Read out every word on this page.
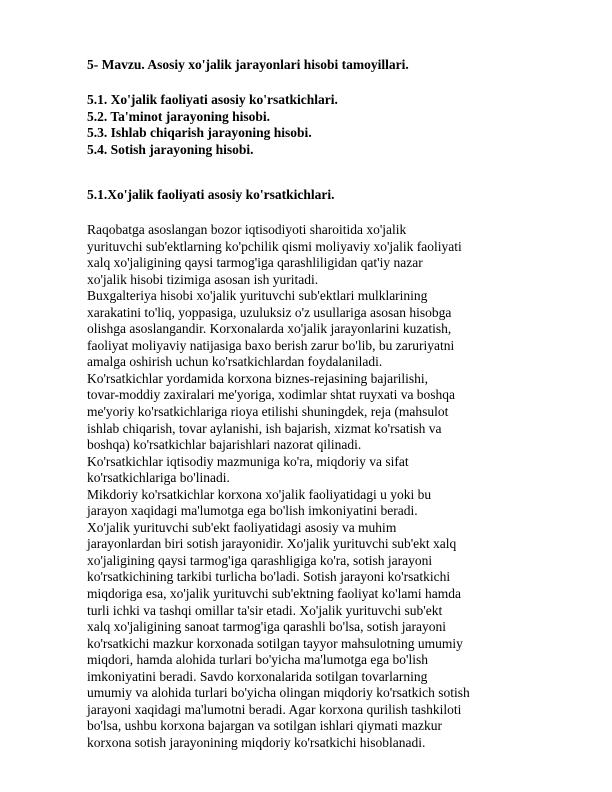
5- Mavzu. Asosiy xo'jalik jarayonlari hisobi tamoyillari.
5.1. Xo'jalik faoliyati asosiy ko'rsatkichlari.
5.2. Ta'minot jarayoning hisobi.
5.3. Ishlab chiqarish jarayoning hisobi.
5.4. Sotish jarayoning hisobi.
5.1.Xo'jalik faoliyati asosiy ko'rsatkichlari.
Raqobatga asoslangan bozor iqtisodiyoti sharoitida xo'jalik
yurituvchi sub'ektlarning ko'pchilik qismi moliyaviy xo'jalik faoliyati
xalq xo'jaligining qaysi tarmog'iga qarashliligidan qat'iy nazar
xo'jalik hisobi tizimiga asosan ish yuritadi.
Buxgalteriya hisobi xo'jalik yurituvchi sub'ektlari mulklarining
xarakatini to'liq, yoppasiga, uzuluksiz o'z usullariga asosan hisobga
olishga asoslangandir. Korxonalarda xo'jalik jarayonlarini kuzatish,
faoliyat moliyaviy natijasiga baxo berish zarur bo'lib, bu zaruriyatni
amalga oshirish uchun ko'rsatkichlardan foydalaniladi.
Ko'rsatkichlar yordamida korxona biznes-rejasining bajarilishi,
tovar-moddiy zaxiralari me'yoriga, xodimlar shtat ruyxati va boshqa
me'yoriy ko'rsatkichlariga rioya etilishi shuningdek, reja (mahsulot
ishlab chiqarish, tovar aylanishi, ish bajarish, xizmat ko'rsatish va
boshqa) ko'rsatkichlar bajarishlari nazorat qilinadi.
Ko'rsatkichlar iqtisodiy mazmuniga ko'ra, miqdoriy va sifat
ko'rsatkichlariga bo'linadi.
Mikdoriy ko'rsatkichlar korxona xo'jalik faoliyatidagi u yoki bu
jarayon xaqidagi ma'lumotga ega bo'lish imkoniyatini beradi.
Xo'jalik yurituvchi sub'ekt faoliyatidagi asosiy va muhim
jarayonlardan biri sotish jarayonidir. Xo'jalik yurituvchi sub'ekt xalq
xo'jaligining qaysi tarmog'iga qarashligiga ko'ra, sotish jarayoni
ko'rsatkichining tarkibi turlicha bo'ladi. Sotish jarayoni ko'rsatkichi
miqdoriga esa, xo'jalik yurituvchi sub'ektning faoliyat ko'lami hamda
turli ichki va tashqi omillar ta'sir etadi. Xo'jalik yurituvchi sub'ekt
xalq xo'jaligining sanoat tarmog'iga qarashli bo'lsa, sotish jarayoni
ko'rsatkichi mazkur korxonada sotilgan tayyor mahsulotning umumiy
miqdori, hamda alohida turlari bo'yicha ma'lumotga ega bo'lish
imkoniyatini beradi. Savdo korxonalarida sotilgan tovarlarning
umumiy va alohida turlari bo'yicha olingan miqdoriy ko'rsatkich sotish
jarayoni xaqidagi ma'lumotni beradi. Agar korxona qurilish tashkiloti
bo'lsa, ushbu korxona bajargan va sotilgan ishlari qiymati mazkur
korxona sotish jarayonining miqdoriy ko'rsatkichi hisoblanadi.
